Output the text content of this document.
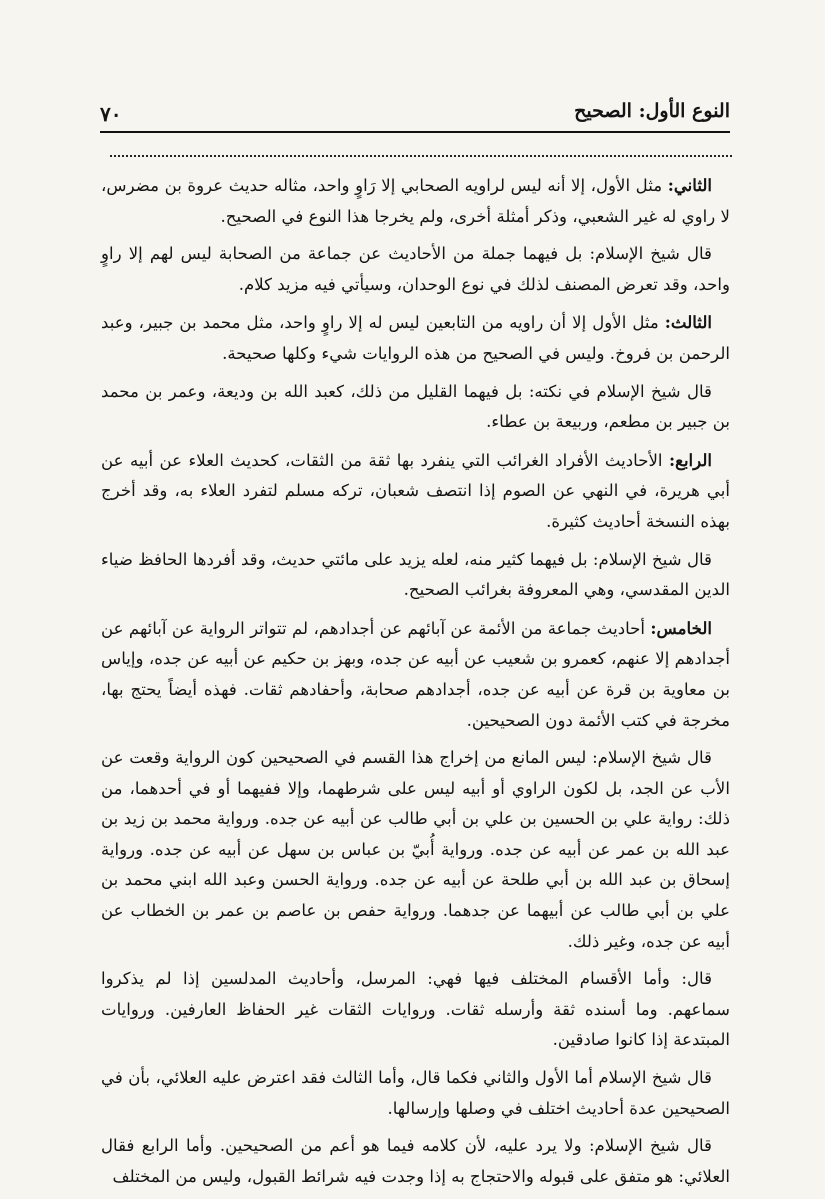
النوع الأول: الصحيح
٧٠

الثاني: مثل الأول، إلا أنه ليس لراويه الصحابي إلا رَاوٍ واحد، مثاله حديث عروة بن مضرس، لا راوي له غير الشعبي، وذكر أمثلة أخرى، ولم يخرجا هذا النوع في الصحيح.

قال شيخ الإسلام: بل فيهما جملة من الأحاديث عن جماعة من الصحابة ليس لهم إلا راوٍ واحد، وقد تعرض المصنف لذلك في نوع الوحدان، وسيأتي فيه مزيد كلام.

الثالث: مثل الأول إلا أن راويه من التابعين ليس له إلا راوٍ واحد، مثل محمد بن جبير، وعبد الرحمن بن فروخ. وليس في الصحيح من هذه الروايات شيء وكلها صحيحة.

قال شيخ الإسلام في نكته: بل فيهما القليل من ذلك، كعبد الله بن وديعة، وعمر بن محمد بن جبير بن مطعم، وربيعة بن عطاء.

الرابع: الأحاديث الأفراد الغرائب التي ينفرد بها ثقة من الثقات، كحديث العلاء عن أبيه عن أبي هريرة، في النهي عن الصوم إذا انتصف شعبان، تركه مسلم لتفرد العلاء به، وقد أخرج بهذه النسخة أحاديث كثيرة.

قال شيخ الإسلام: بل فيهما كثير منه، لعله يزيد على مائتي حديث، وقد أفردها الحافظ ضياء الدين المقدسي، وهي المعروفة بغرائب الصحيح.

الخامس: أحاديث جماعة من الأئمة عن آبائهم عن أجدادهم، لم تتواتر الرواية عن آبائهم عن أجدادهم إلا عنهم، كعمرو بن شعيب عن أبيه عن جده، وبهز بن حكيم عن أبيه عن جده، وإياس بن معاوية بن قرة عن أبيه عن جده، أجدادهم صحابة، وأحفادهم ثقات. فهذه أيضاً يحتج بها، مخرجة في كتب الأئمة دون الصحيحين.

قال شيخ الإسلام: ليس المانع من إخراج هذا القسم في الصحيحين كون الرواية وقعت عن الأب عن الجد، بل لكون الراوي أو أبيه ليس على شرطهما، وإلا ففيهما أو في أحدهما، من ذلك: رواية علي بن الحسين بن علي بن أبي طالب عن أبيه عن جده. ورواية محمد بن زيد بن عبد الله بن عمر عن أبيه عن جده. ورواية أُبيّ بن عباس بن سهل عن أبيه عن جده. ورواية إسحاق بن عبد الله بن أبي طلحة عن أبيه عن جده. ورواية الحسن وعبد الله ابني محمد بن علي بن أبي طالب عن أبيهما عن جدهما. ورواية حفص بن عاصم بن عمر بن الخطاب عن أبيه عن جده، وغير ذلك.

قال: وأما الأقسام المختلف فيها فهي: المرسل، وأحاديث المدلسين إذا لم يذكروا سماعهم. وما أسنده ثقة وأرسله ثقات. وروايات الثقات غير الحفاظ العارفين. وروايات المبتدعة إذا كانوا صادقين.

قال شيخ الإسلام أما الأول والثاني فكما قال، وأما الثالث فقد اعترض عليه العلائي، بأن في الصحيحين عدة أحاديث اختلف في وصلها وإرسالها.

قال شيخ الإسلام: ولا يرد عليه، لأن كلامه فيما هو أعم من الصحيحين. وأما الرابع فقال العلائي: هو متفق على قبوله والاحتجاج به إذا وجدت فيه شرائط القبول، وليس من المختلف
